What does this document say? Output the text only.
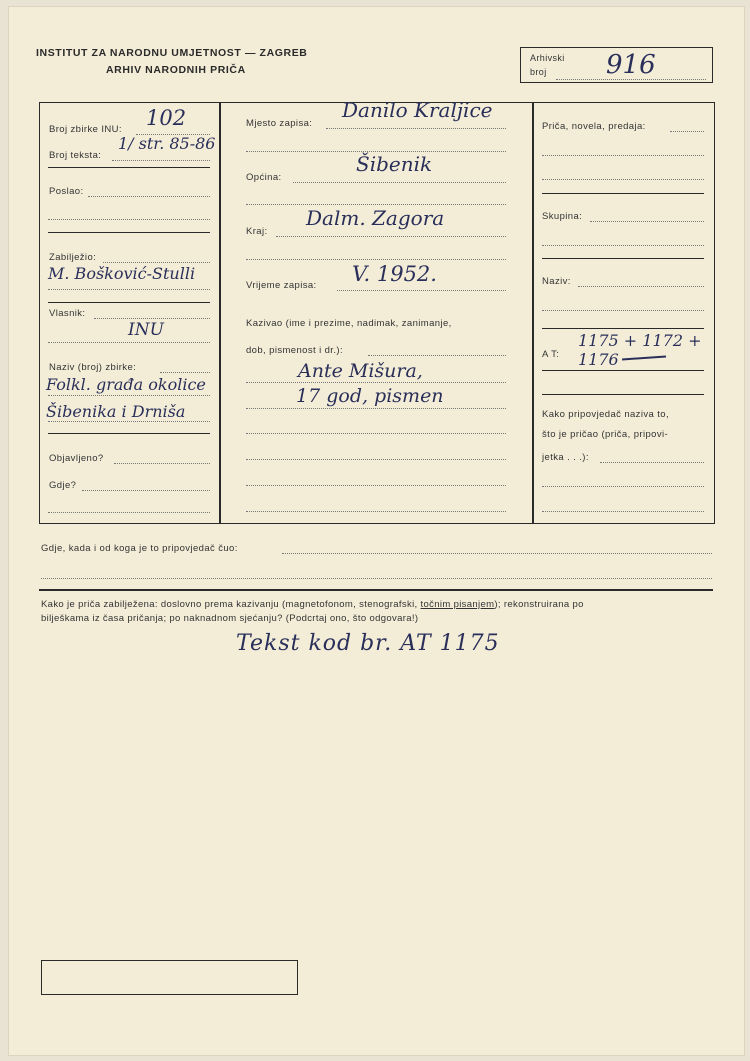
INSTITUT ZA NARODNU UMJETNOST — ZAGREB
ARHIV NARODNIH PRIČA
Arhivski
broj 916
Broj zbirke INU: 102
Broj teksta:
1/ str. 85-86
Poslao:
Zabilježio:
M. Bošković-Stulli
Vlasnik:
INU
Naziv (broj) zbirke:
Folkl. građa okolice
Šibenika i Drniša
Objavljeno?
Gdje?
Mjesto zapisa:
Danilo Kraljice
Općina:
Šibenik
Kraj:
Dalm. Zagora
Vrijeme zapisa: V. 1952.
Kazivao (ime i prezime, nadimak, zanimanje,
dob, pismenost i dr.):
Ante Mišura,
17 god, pismen
Priča, novela, predaja:
Skupina:
Naziv:
A T:
1175 + 1172 +
1176
Kako pripovjedač naziva to,
što je pričao (priča, pripovi-
jetka . . .):
Gdje, kada i od koga je to pripovjedač čuo:
Kako je priča zabilježena: doslovno prema kazivanju (magnetofonom, stenografski, točnim pisanjem); rekonstruirana po
bilješkama iz časa pričanja; po naknadnom sjećanju? (Podcrtaj ono, što odgovara!)
Tekst kod br. AT 1175
